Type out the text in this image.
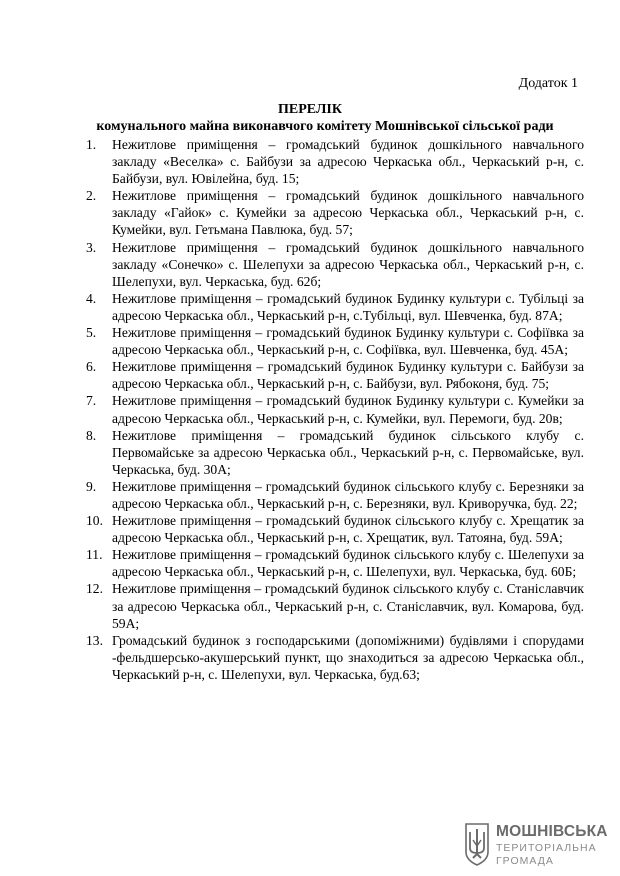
Додаток 1
ПЕРЕЛІК
комунального майна виконавчого комітету Мошнівської сільської ради
1.	Нежитлове приміщення – громадський будинок дошкільного навчального закладу «Веселка» с. Байбузи за адресою Черкаська обл., Черкаський р-н, с. Байбузи, вул. Ювілейна, буд. 15;
2.	Нежитлове приміщення – громадський будинок дошкільного навчального закладу «Гайок» с. Кумейки за адресою Черкаська обл., Черкаський р-н, с. Кумейки, вул. Гетьмана Павлюка, буд. 57;
3.	Нежитлове приміщення – громадський будинок дошкільного навчального закладу «Сонечко» с. Шелепухи за адресою Черкаська обл., Черкаський р-н, с. Шелепухи, вул. Черкаська, буд. 62б;
4.	Нежитлове приміщення – громадський будинок Будинку культури с. Тубільці за адресою Черкаська обл., Черкаський р-н, с.Тубільці, вул. Шевченка, буд. 87А;
5.	Нежитлове приміщення – громадський будинок Будинку культури с. Софіївка за адресою Черкаська обл., Черкаський р-н, с. Софіївка, вул. Шевченка, буд. 45А;
6.	Нежитлове приміщення – громадський будинок Будинку культури с. Байбузи за адресою Черкаська обл., Черкаський р-н, с. Байбузи, вул. Рябоконя, буд. 75;
7.	Нежитлове приміщення – громадський будинок Будинку культури с. Кумейки за адресою Черкаська обл., Черкаський р-н, с. Кумейки, вул. Перемоги, буд. 20в;
8.	Нежитлове приміщення – громадський будинок сільського клубу с. Первомайське за адресою Черкаська обл., Черкаський р-н, с. Первомайське, вул. Черкаська, буд. 30А;
9.	Нежитлове приміщення – громадський будинок сільського клубу с. Березняки за адресою Черкаська обл., Черкаський р-н, с. Березняки, вул. Криворучка, буд. 22;
10. Нежитлове приміщення – громадський будинок сільського клубу с. Хрещатик за адресою Черкаська обл., Черкаський р-н, с. Хрещатик, вул. Татояна, буд. 59А;
11. Нежитлове приміщення – громадський будинок сільського клубу с. Шелепухи за адресою Черкаська обл., Черкаський р-н, с. Шелепухи, вул. Черкаська, буд. 60Б;
12. Нежитлове приміщення – громадський будинок сільського клубу с. Станіславчик за адресою Черкаська обл., Черкаський р-н, с. Станіславчик, вул. Комарова, буд. 59А;
13. Громадський будинок з господарськими (допоміжними) будівлями і спорудами -фельдшерсько-акушерський пункт, що знаходиться за адресою Черкаська обл., Черкаський р-н, с. Шелепухи, вул. Черкаська, буд.63;
МОШНІВСЬКА
ТЕРИТОРІАЛЬНА
ГРОМАДА
